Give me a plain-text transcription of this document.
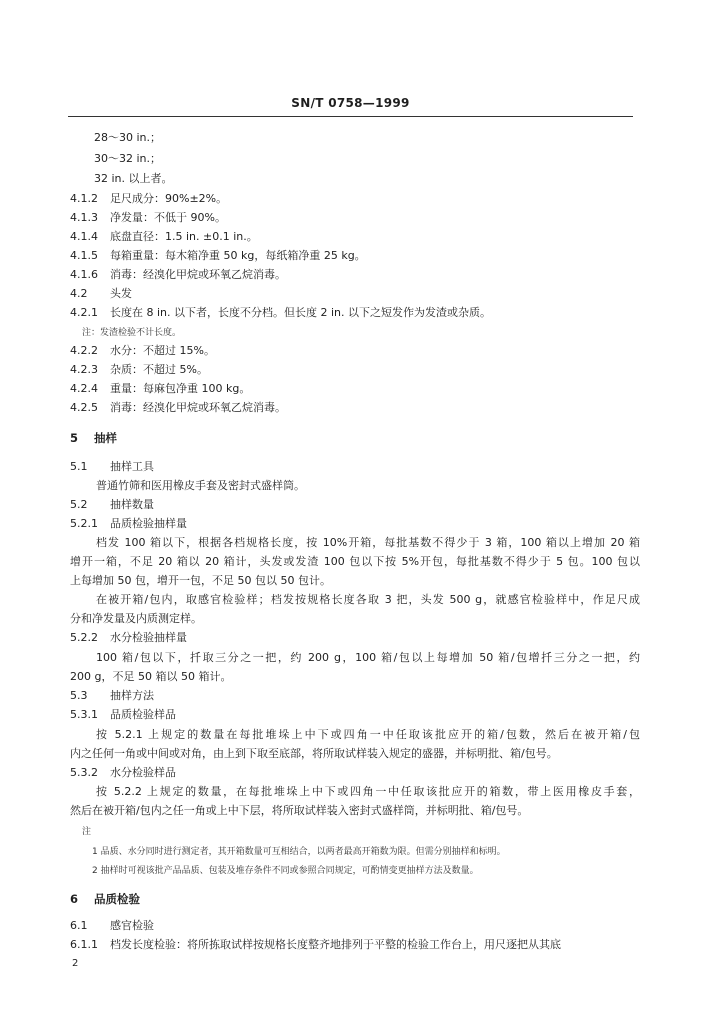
SN/T 0758—1999
28～30 in.；
30～32 in.；
32 in. 以上者。
4.1.2 足尺成分：90%±2%。
4.1.3 净发量：不低于 90%。
4.1.4 底盘直径：1.5 in. ±0.1 in.。
4.1.5 每箱重量：每木箱净重 50 kg，每纸箱净重 25 kg。
4.1.6 消毒：经溴化甲烷或环氧乙烷消毒。
4.2 头发
4.2.1 长度在 8 in. 以下者，长度不分档。但长度 2 in. 以下之短发作为发渣或杂质。
注：发渣检验不计长度。
4.2.2 水分：不超过 15%。
4.2.3 杂质：不超过 5%。
4.2.4 重量：每麻包净重 100 kg。
4.2.5 消毒：经溴化甲烷或环氧乙烷消毒。
5 抽样
5.1 抽样工具
普通竹筛和医用橡皮手套及密封式盛样筒。
5.2 抽样数量
5.2.1 品质检验抽样量
档发 100 箱以下，根据各档规格长度，按 10%开箱，每批基数不得少于 3 箱，100 箱以上增加 20 箱
增开一箱，不足 20 箱以 20 箱计，头发或发渣 100 包以下按 5%开包，每批基数不得少于 5 包。100 包以
上每增加 50 包，增开一包，不足 50 包以 50 包计。
在被开箱/包内，取感官检验样；档发按规格长度各取 3 把，头发 500 g，就感官检验样中，作足尺成
分和净发量及内质测定样。
5.2.2 水分检验抽样量
100 箱/包以下，扦取三分之一把，约 200 g，100 箱/包以上每增加 50 箱/包增扦三分之一把，约
200 g，不足 50 箱以 50 箱计。
5.3 抽样方法
5.3.1 品质检验样品
按 5.2.1 上规定的数量在每批堆垛上中下或四角一中任取该批应开的箱/包数，然后在被开箱/包
内之任何一角或中间或对角，由上到下取至底部，将所取试样装入规定的盛器，并标明批、箱/包号。
5.3.2 水分检验样品
按 5.2.2 上规定的数量，在每批堆垛上中下或四角一中任取该批应开的箱数，带上医用橡皮手套，
然后在被开箱/包内之任一角或上中下层，将所取试样装入密封式盛样筒，并标明批、箱/包号。
注
1 品质、水分同时进行测定者，其开箱数量可互相结合，以两者最高开箱数为限。但需分别抽样和标明。
2 抽样时可视该批产品品质、包装及堆存条件不同或参照合同规定，可酌情变更抽样方法及数量。
6 品质检验
6.1 感官检验
6.1.1 档发长度检验：将所拣取试样按规格长度整齐地排列于平整的检验工作台上，用尺逐把从其底
2
